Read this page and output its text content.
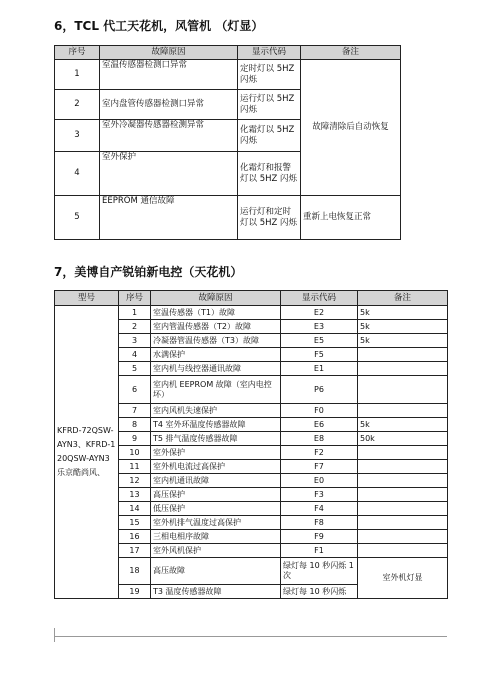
6，TCL 代工天花机，风管机 （灯显）
序号	故障原因	显示代码	备注
1	室温传感器检测口异常	定时灯以 5HZ 闪烁	故障清除后自动恢复
2	室内盘管传感器检测口异常	运行灯以 5HZ 闪烁	
3	室外冷凝器传感器检测异常	化霜灯以 5HZ 闪烁	
4	室外保护	化霜灯和报警灯以 5HZ 闪烁	
5	EEPROM 通信故障	运行灯和定时灯以 5HZ 闪烁	重新上电恢复正常
7，美博自产锐铂新电控（天花机）
型号	序号	故障原因	显示代码	备注
KFRD-72QSW-AYN3、KFRD-120QSW-AYN3 乐京酷尚风、	1	室温传感器（T1）故障	E2	5k
	2	室内管温传感器（T2）故障	E3	5k
	3	冷凝器管温传感器（T3）故障	E5	5k
	4	水满保护	F5	
	5	室内机与线控器通讯故障	E1	
	6	室内机 EEPROM 故障（室内电控坏）	P6	
	7	室内风机失速保护	F0	
	8	T4 室外环温度传感器故障	E6	5k
	9	T5 排气温度传感器故障	E8	50k
	10	室外保护	F2	
	11	室外机电流过高保护	F7	
	12	室内机通讯故障	E0	
	13	高压保护	F3	
	14	低压保护	F4	
	15	室外机排气温度过高保护	F8	
	16	三相电相序故障	F9	
	17	室外风机保护	F1	
	18	高压故障	绿灯每 10 秒闪烁 1 次	室外机灯显
	19	T3 温度传感器故障	绿灯每 10 秒闪烁	
